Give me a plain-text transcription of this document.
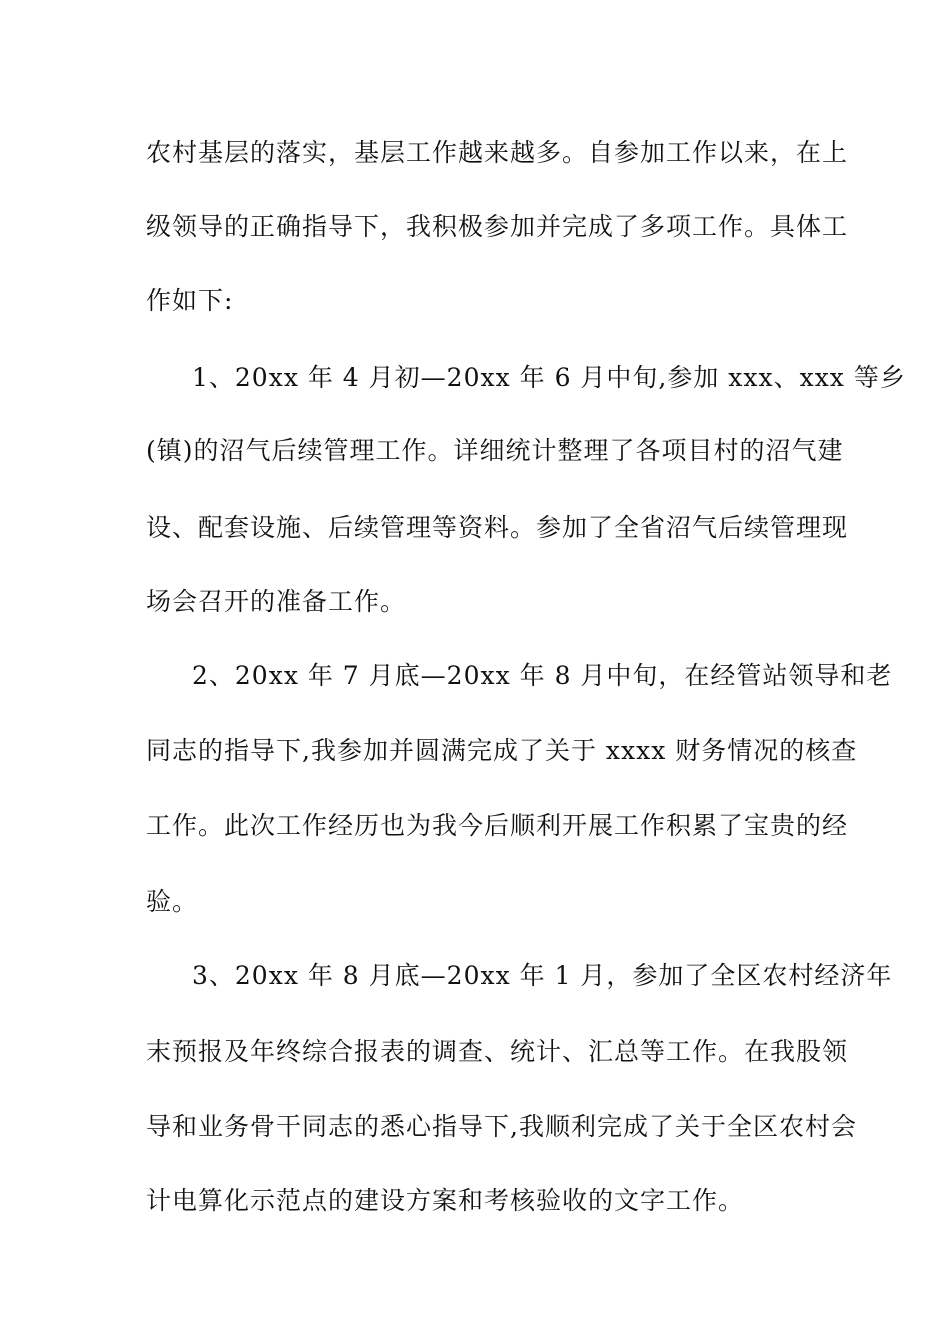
农村基层的落实，基层工作越来越多。自参加工作以来，在上
级领导的正确指导下，我积极参加并完成了多项工作。具体工
作如下:
1、20xx 年 4 月初—20xx 年 6 月中旬,参加 xxx、xxx 等乡
(镇)的沼气后续管理工作。详细统计整理了各项目村的沼气建
设、配套设施、后续管理等资料。参加了全省沼气后续管理现
场会召开的准备工作。
2、20xx 年 7 月底—20xx 年 8 月中旬，在经管站领导和老
同志的指导下,我参加并圆满完成了关于 xxxx 财务情况的核查
工作。此次工作经历也为我今后顺利开展工作积累了宝贵的经
验。
3、20xx 年 8 月底—20xx 年 1 月，参加了全区农村经济年
末预报及年终综合报表的调查、统计、汇总等工作。在我股领
导和业务骨干同志的悉心指导下,我顺利完成了关于全区农村会
计电算化示范点的建设方案和考核验收的文字工作。
